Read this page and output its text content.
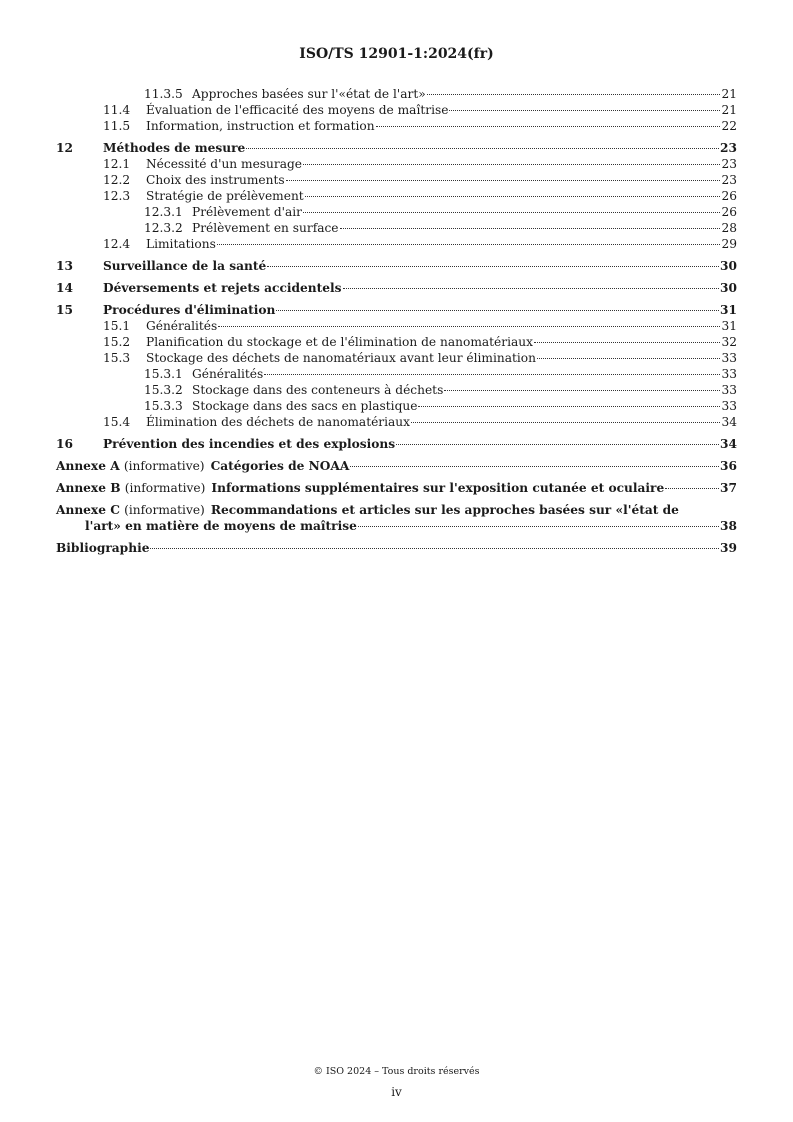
ISO/TS 12901-1:2024(fr)
11.3.5 Approches basées sur l'«état de l'art»	21
11.4	Évaluation de l'efficacité des moyens de maîtrise	21
11.5	Information, instruction et formation	22
12	Méthodes de mesure	23
12.1	Nécessité d'un mesurage	23
12.2	Choix des instruments	23
12.3	Stratégie de prélèvement	26
12.3.1 Prélèvement d'air	26
12.3.2 Prélèvement en surface	28
12.4	Limitations	29
13	Surveillance de la santé	30
14	Déversements et rejets accidentels	30
15	Procédures d'élimination	31
15.1	Généralités	31
15.2	Planification du stockage et de l'élimination de nanomatériaux	32
15.3	Stockage des déchets de nanomatériaux avant leur élimination	33
15.3.1 Généralités	33
15.3.2 Stockage dans des conteneurs à déchets	33
15.3.3 Stockage dans des sacs en plastique	33
15.4	Élimination des déchets de nanomatériaux	34
16	Prévention des incendies et des explosions	34
Annexe A (informative) Catégories de NOAA	36
Annexe B (informative) Informations supplémentaires sur l'exposition cutanée et oculaire	37
Annexe C (informative) Recommandations et articles sur les approches basées sur «l'état de
l'art» en matière de moyens de maîtrise	38
Bibliographie	39
© ISO 2024 – Tous droits réservés
iv
